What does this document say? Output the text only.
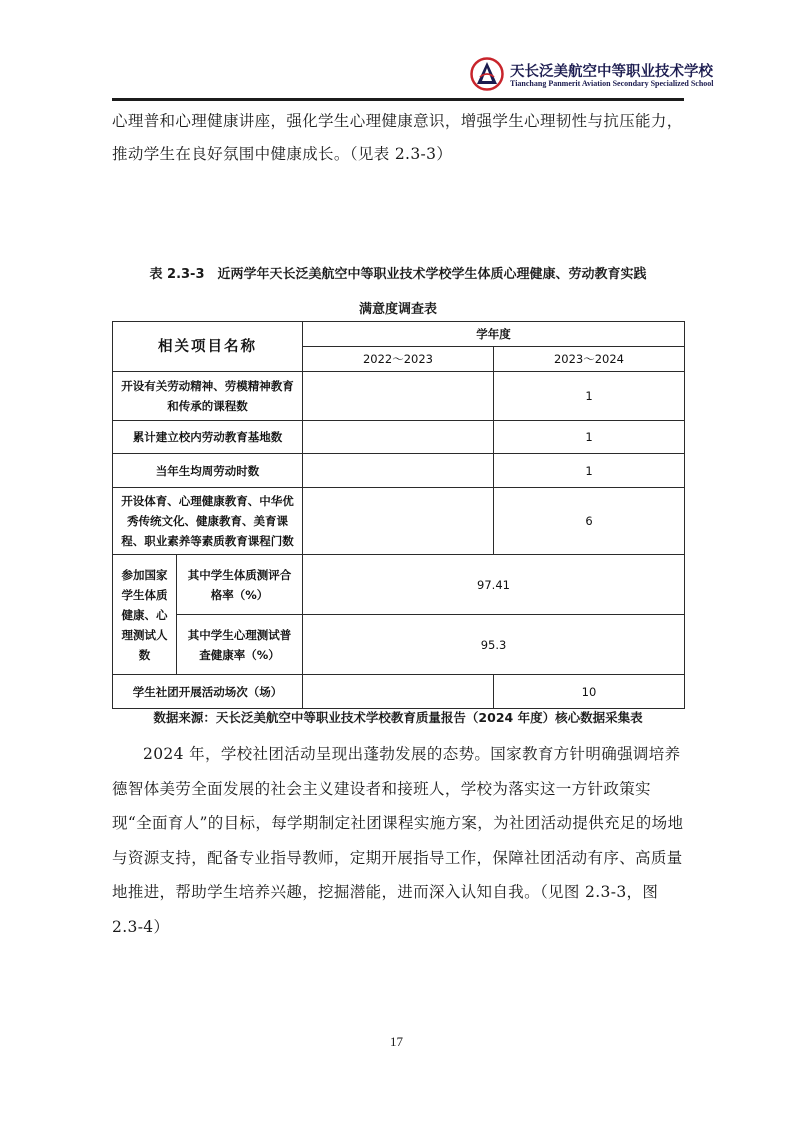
天长泛美航空中等职业技术学校
Tianchang Panmerit Aviation Secondary Specialized School
心理普和心理健康讲座，强化学生心理健康意识，增强学生心理韧性与抗压能力，推动学生在良好氛围中健康成长。（见表 2.3-3）
表 2.3-3　近两学年天长泛美航空中等职业技术学校学生体质心理健康、劳动教育实践
满意度调查表
相关项目名称		学年度	
		2022～2023	2023～2024
开设有关劳动精神、劳模精神教育和传承的课程数			1
累计建立校内劳动教育基地数			1
当年生均周劳动时数			1
开设体育、心理健康教育、中华优秀传统文化、健康教育、美育课程、职业素养等素质教育课程门数			6
参加国家学生体质健康、心理测试人数	其中学生体质测评合格率（%）	97.41	
	其中学生心理测试普查健康率（%）	95.3	
学生社团开展活动场次（场）			10
数据来源：天长泛美航空中等职业技术学校教育质量报告（2024 年度）核心数据采集表
2024 年，学校社团活动呈现出蓬勃发展的态势。国家教育方针明确强调培养德智体美劳全面发展的社会主义建设者和接班人，学校为落实这一方针政策实现“全面育人”的目标，每学期制定社团课程实施方案，为社团活动提供充足的场地与资源支持，配备专业指导教师，定期开展指导工作，保障社团活动有序、高质量地推进，帮助学生培养兴趣，挖掘潜能，进而深入认知自我。（见图 2.3-3，图 2.3-4）
17
